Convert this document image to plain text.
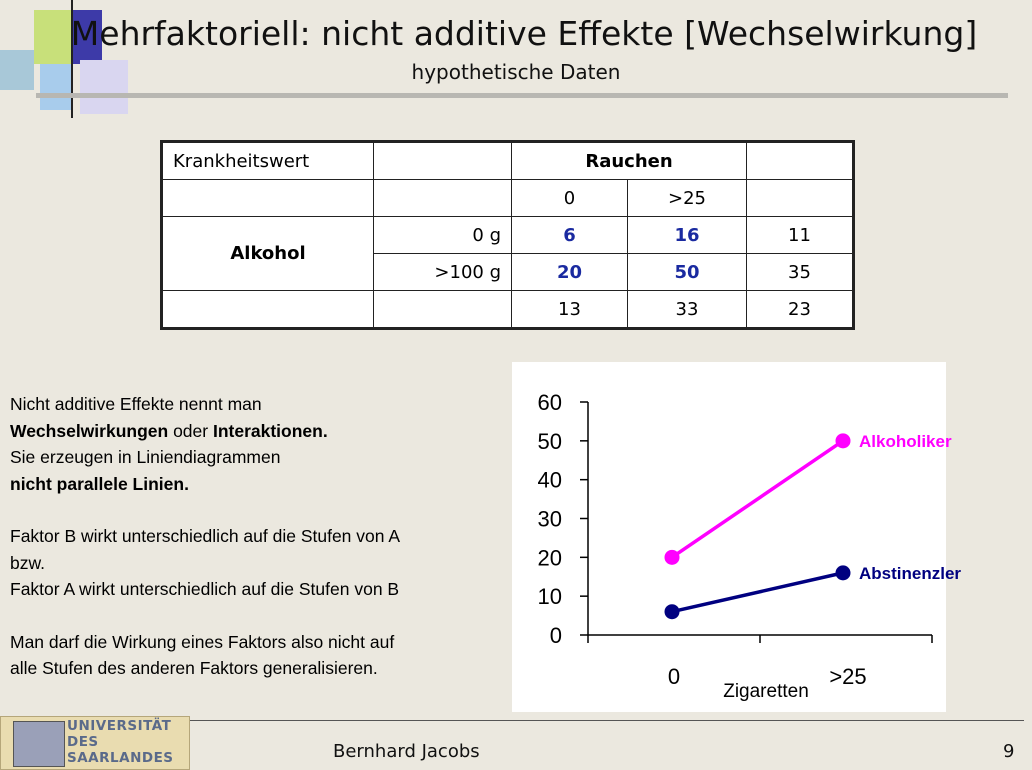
Mehrfaktoriell: nicht additive Effekte [Wechselwirkung]
hypothetische Daten
Krankheitswert		Rauchen		
		0	>25	
Alkohol	0 g	6	16	11
	>100 g	20	50	35
		13	33	23

Nicht additive Effekte nennt man

Wechselwirkungen oder Interaktionen.

Sie erzeugen in Liniendiagrammen

nicht parallele Linien.

Faktor B wirkt unterschiedlich auf die Stufen von A

bzw.

Faktor A wirkt unterschiedlich auf die Stufen von B

Man darf die Wirkung eines Faktors also nicht auf

alle Stufen des anderen Faktors generalisieren.

0
10
20
30
40
50
60
0	>25
Zigaretten
Alkoholiker
Abstinenzler
UNIVERSITÄT
DES
SAARLANDES	Bernhard Jacobs	9
